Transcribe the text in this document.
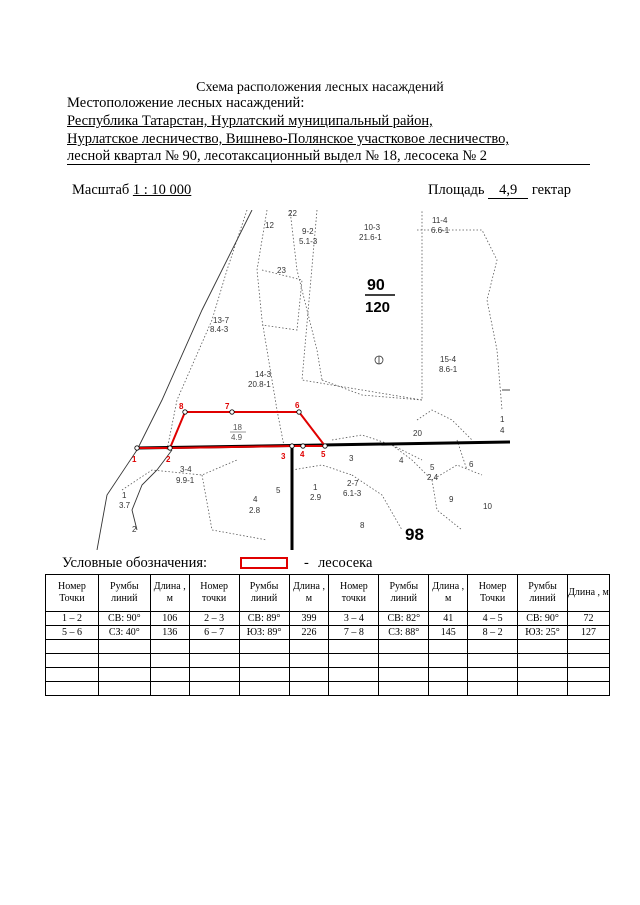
Схема расположения лесных насаждений
Местоположение лесных насаждений:
Республика Татарстан, Нурлатский муниципальный район,
Нурлатское лесничество, Вишнево-Полянское участковое лесничество,
лесной квартал № 90, лесотаксационный выдел № 18, лесосека № 2
Масштаб 1 : 10 000	Площадь 4,9 гектар
1	2	3 4 5
6
7
8
90
120
98
18
4.9
22
12
9-2
5.1-3
10-3
21.6-1
11-4
6.6-1
23
13-7
8.4-3
14-3
20.8-1
15-4
8.6-1
20
3-4
9.9-1
4
2.8
5	1
2.9
2-7
6.1-3
3	4
5
2.4
6
9
10
8
1
3.7
2
1
4
Условные обозначения:	- лесосека
Номер Точки	Румбы линий	Длина , м	Номер точки	Румбы линий	Длина , м	Номер точки	Румбы линий	Длина , м	Номер Точки	Румбы линий	Длина , м
1 – 2	СВ: 90°	106	2 – 3	СВ: 89°	399	3 – 4	СВ: 82°	41	4 – 5	СВ: 90°	72
5 – 6	СЗ: 40°	136	6 – 7	ЮЗ: 89°	226	7 – 8	СЗ: 88°	145	8 – 2	ЮЗ: 25°	127
